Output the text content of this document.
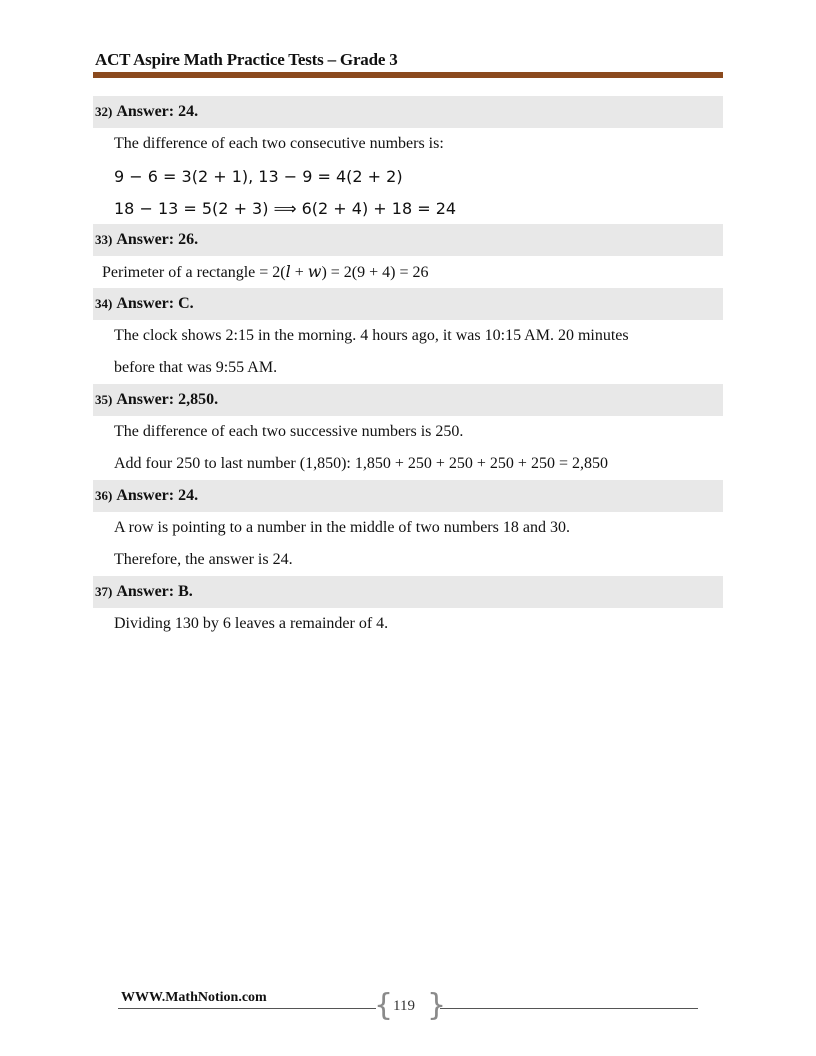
ACT Aspire Math Practice Tests – Grade 3
32) Answer: 24.
The difference of each two consecutive numbers is:
9 − 6 = 3(2 + 1), 13 − 9 = 4(2 + 2)
18 − 13 = 5(2 + 3) ⟹ 6(2 + 4) + 18 = 24
33) Answer: 26.
Perimeter of a rectangle = 2(𝑙 + 𝑤) = 2(9 + 4) = 26
34) Answer: C.
The clock shows 2:15 in the morning. 4 hours ago, it was 10:15 AM. 20 minutes
before that was 9:55 AM.
35) Answer: 2,850.
The difference of each two successive numbers is 250.
Add four 250 to last number (1,850): 1,850 + 250 + 250 + 250 + 250 = 2,850
36) Answer: 24.
A row is pointing to a number in the middle of two numbers 18 and 30.
Therefore, the answer is 24.
37) Answer: B.
Dividing 130 by 6 leaves a remainder of 4.
WWW.MathNotion.com	{ 119 }
